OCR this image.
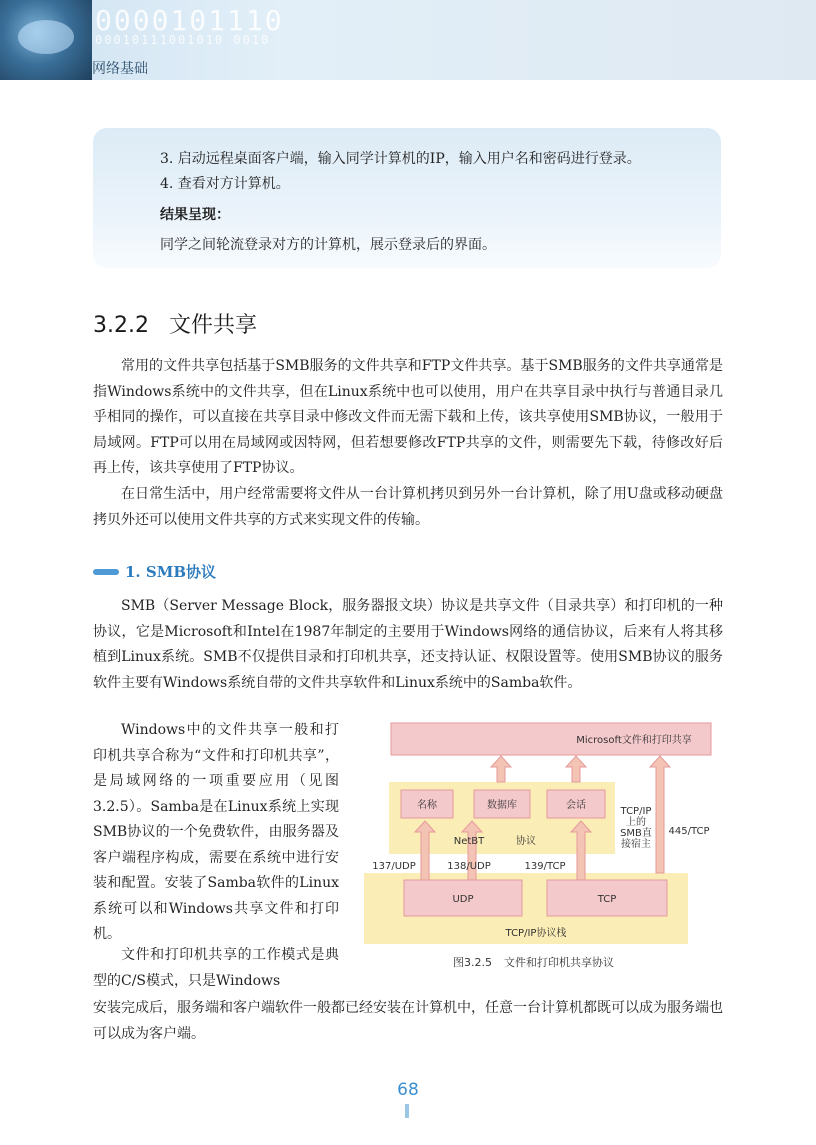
0000101110
00010111001010 0010
网络基础

3. 启动远程桌面客户端，输入同学计算机的IP，输入用户名和密码进行登录。

4. 查看对方计算机。

结果呈现：

同学之间轮流登录对方的计算机，展示登录后的界面。

3.2.2 文件共享

常用的文件共享包括基于SMB服务的文件共享和FTP文件共享。基于SMB服务的文件共享通常是指Windows系统中的文件共享，但在Linux系统中也可以使用，用户在共享目录中执行与普通目录几乎相同的操作，可以直接在共享目录中修改文件而无需下载和上传，该共享使用SMB协议，一般用于局域网。FTP可以用在局域网或因特网，但若想要修改FTP共享的文件，则需要先下载，待修改好后再上传，该共享使用了FTP协议。

在日常生活中，用户经常需要将文件从一台计算机拷贝到另外一台计算机，除了用U盘或移动硬盘拷贝外还可以使用文件共享的方式来实现文件的传输。

1. SMB协议

SMB（Server Message Block，服务器报文块）协议是共享文件（目录共享）和打印机的一种协议，它是Microsoft和Intel在1987年制定的主要用于Windows网络的通信协议，后来有人将其移植到Linux系统。SMB不仅提供目录和打印机共享，还支持认证、权限设置等。使用SMB协议的服务软件主要有Windows系统自带的文件共享软件和Linux系统中的Samba软件。

Windows中的文件共享一般和打印机共享合称为“文件和打印机共享”，是局域网络的一项重要应用（见图3.2.5）。Samba是在Linux系统上实现SMB协议的一个免费软件，由服务器及客户端程序构成，需要在系统中进行安装和配置。安装了Samba软件的Linux系统可以和Windows共享文件和打印机。

文件和打印机共享的工作模式是典型的C/S模式，只是Windows

Microsoft文件和打印共享
名称	数据库	会话
NetBT	协议
TCP/IP
上的
SMB直
接宿主
445/TCP
137/UDP	138/UDP	139/TCP
UDP	TCP
TCP/IP协议栈
图3.2.5 文件和打印机共享协议

安装完成后，服务端和客户端软件一般都已经安装在计算机中，任意一台计算机都既可以成为服务端也可以成为客户端。

68
